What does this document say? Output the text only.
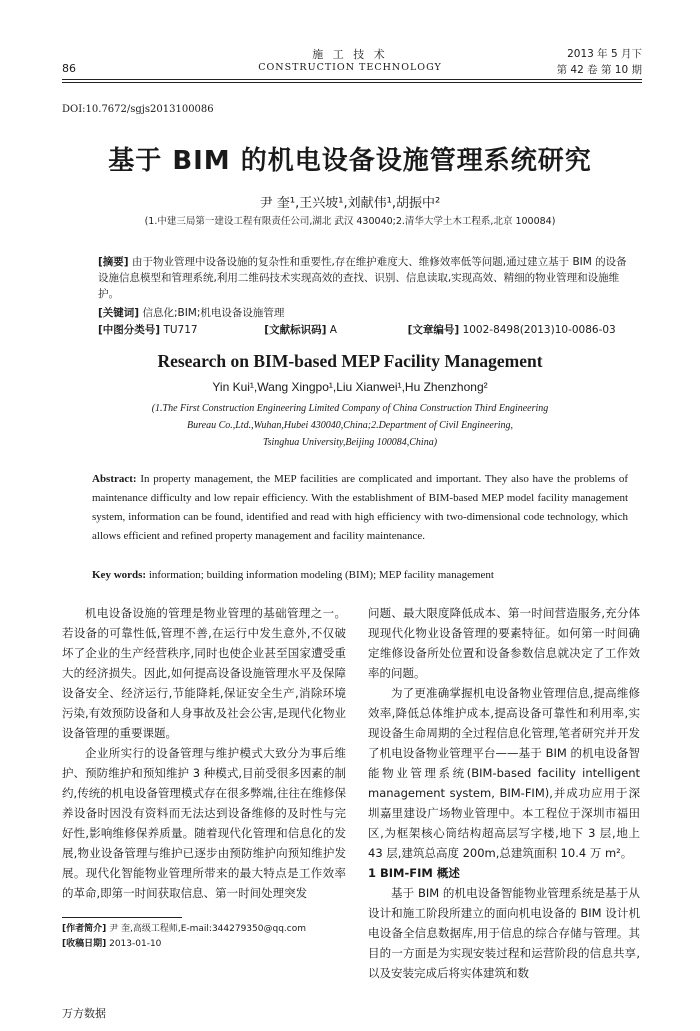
施 工 技 术
CONSTRUCTION TECHNOLOGY
86
2013 年 5 月下
第 42 卷 第 10 期
DOI:10.7672/sgjs2013100086
基于 BIM 的机电设备设施管理系统研究
尹 奎¹,王兴坡¹,刘献伟¹,胡振中²
(1.中建三局第一建设工程有限责任公司,湖北 武汉 430040;2.清华大学土木工程系,北京 100084)
[摘要] 由于物业管理中设备设施的复杂性和重要性,存在维护难度大、维修效率低等问题,通过建立基于 BIM 的设备设施信息模型和管理系统,利用二维码技术实现高效的查找、识别、信息读取,实现高效、精细的物业管理和设施维护。
[关键词] 信息化;BIM;机电设备设施管理
[中图分类号] TU717	[文献标识码] A	[文章编号] 1002-8498(2013)10-0086-03
Research on BIM-based MEP Facility Management
Yin Kui¹,Wang Xingpo¹,Liu Xianwei¹,Hu Zhenzhong²
(1.The First Construction Engineering Limited Company of China Construction Third Engineering
Bureau Co.,Ltd.,Wuhan,Hubei 430040,China;2.Department of Civil Engineering,
Tsinghua University,Beijing 100084,China)
Abstract: In property management, the MEP facilities are complicated and important. They also have the problems of maintenance difficulty and low repair efficiency. With the establishment of BIM-based MEP model facility management system, information can be found, identified and read with high efficiency with two-dimensional code technology, which allows efficient and refined property management and facility maintenance.
Key words: information; building information modeling (BIM); MEP facility management

机电设备设施的管理是物业管理的基础管理之一。若设备的可靠性低,管理不善,在运行中发生意外,不仅破坏了企业的生产经营秩序,同时也使企业甚至国家遭受重大的经济损失。因此,如何提高设备设施管理水平及保障设备安全、经济运行,节能降耗,保证安全生产,消除环境污染,有效预防设备和人身事故及社会公害,是现代化物业设备管理的重要课题。

企业所实行的设备管理与维护模式大致分为事后维护、预防维护和预知维护 3 种模式,目前受很多因素的制约,传统的机电设备管理模式存在很多弊端,往往在维修保养设备时因没有资料而无法达到设备维修的及时性与完好性,影响维修保养质量。随着现代化管理和信息化的发展,物业设备管理与维护已逐步由预防维护向预知维护发展。现代化智能物业管理所带来的最大特点是工作效率的革命,即第一时间获取信息、第一时间处理突发

[作者简介] 尹 奎,高级工程师,E-mail:344279350@qq.com
[收稿日期] 2013-01-10

问题、最大限度降低成本、第一时间营造服务,充分体现现代化物业设备管理的要素特征。如何第一时间确定维修设备所处位置和设备参数信息就决定了工作效率的问题。

为了更准确掌握机电设备物业管理信息,提高维修效率,降低总体维护成本,提高设备可靠性和利用率,实现设备生命周期的全过程信息化管理,笔者研究并开发了机电设备物业管理平台——基于 BIM 的机电设备智能物业管理系统(BIM-based facility intelligent management system, BIM-FIM),并成功应用于深圳嘉里建设广场物业管理中。本工程位于深圳市福田区,为框架核心筒结构超高层写字楼,地下 3 层,地上 43 层,建筑总高度 200m,总建筑面积 10.4 万 m²。

1 BIM-FIM 概述

基于 BIM 的机电设备智能物业管理系统是基于从设计和施工阶段所建立的面向机电设备的 BIM 设计机电设备全信息数据库,用于信息的综合存储与管理。其目的一方面是为实现安装过程和运营阶段的信息共享,以及安装完成后将实体建筑和数

万方数据
